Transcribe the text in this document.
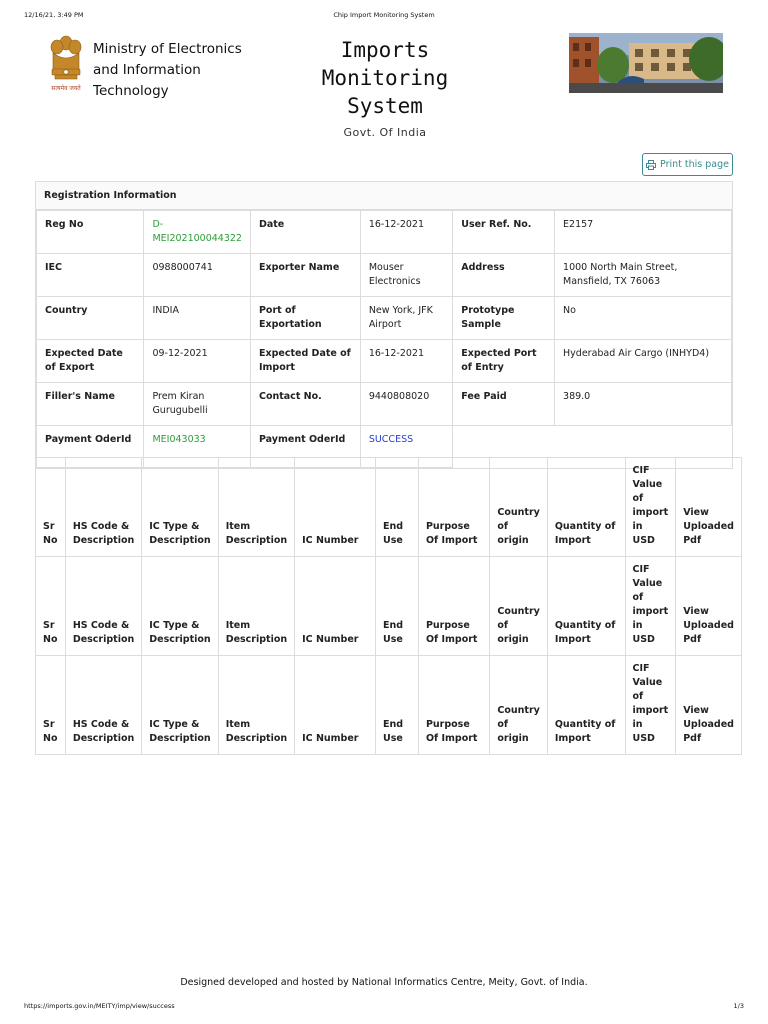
12/16/21, 3:49 PM	Chip Import Monitoring System
सत्यमेव जयते
Ministry of Electronics
and Information
Technology
Imports
Monitoring
System
Govt. Of India
Print this page
Registration Information
Reg No	D-MEI202100044322	Date	16-12-2021	User Ref. No.	E2157
IEC	0988000741	Exporter Name	Mouser Electronics	Address	1000 North Main Street, Mansfield, TX 76063
Country	INDIA	Port of Exportation	New York, JFK Airport	Prototype Sample	No
Expected Date of Export	09-12-2021	Expected Date of Import	16-12-2021	Expected Port of Entry	Hyderabad Air Cargo (INHYD4)
Filler's Name	Prem Kiran Gurugubelli	Contact No.	9440808020	Fee Paid	389.0
Payment OderId	MEI043033	Payment OderId	SUCCESS		
Sr No	HS Code & Description	IC Type & Description	Item Description	IC Number	End Use	Purpose Of Import	Country of origin	Quantity of Import	CIF Value of import in USD	View Uploaded Pdf
Sr No	HS Code & Description	IC Type & Description	Item Description	IC Number	End Use	Purpose Of Import	Country of origin	Quantity of Import	CIF Value of import in USD	View Uploaded Pdf
Sr No	HS Code & Description	IC Type & Description	Item Description	IC Number	End Use	Purpose Of Import	Country of origin	Quantity of Import	CIF Value of import in USD	View Uploaded Pdf
Designed developed and hosted by National Informatics Centre, Meity, Govt. of India.
https://imports.gov.in/MEITY/imp/view/success	1/3
